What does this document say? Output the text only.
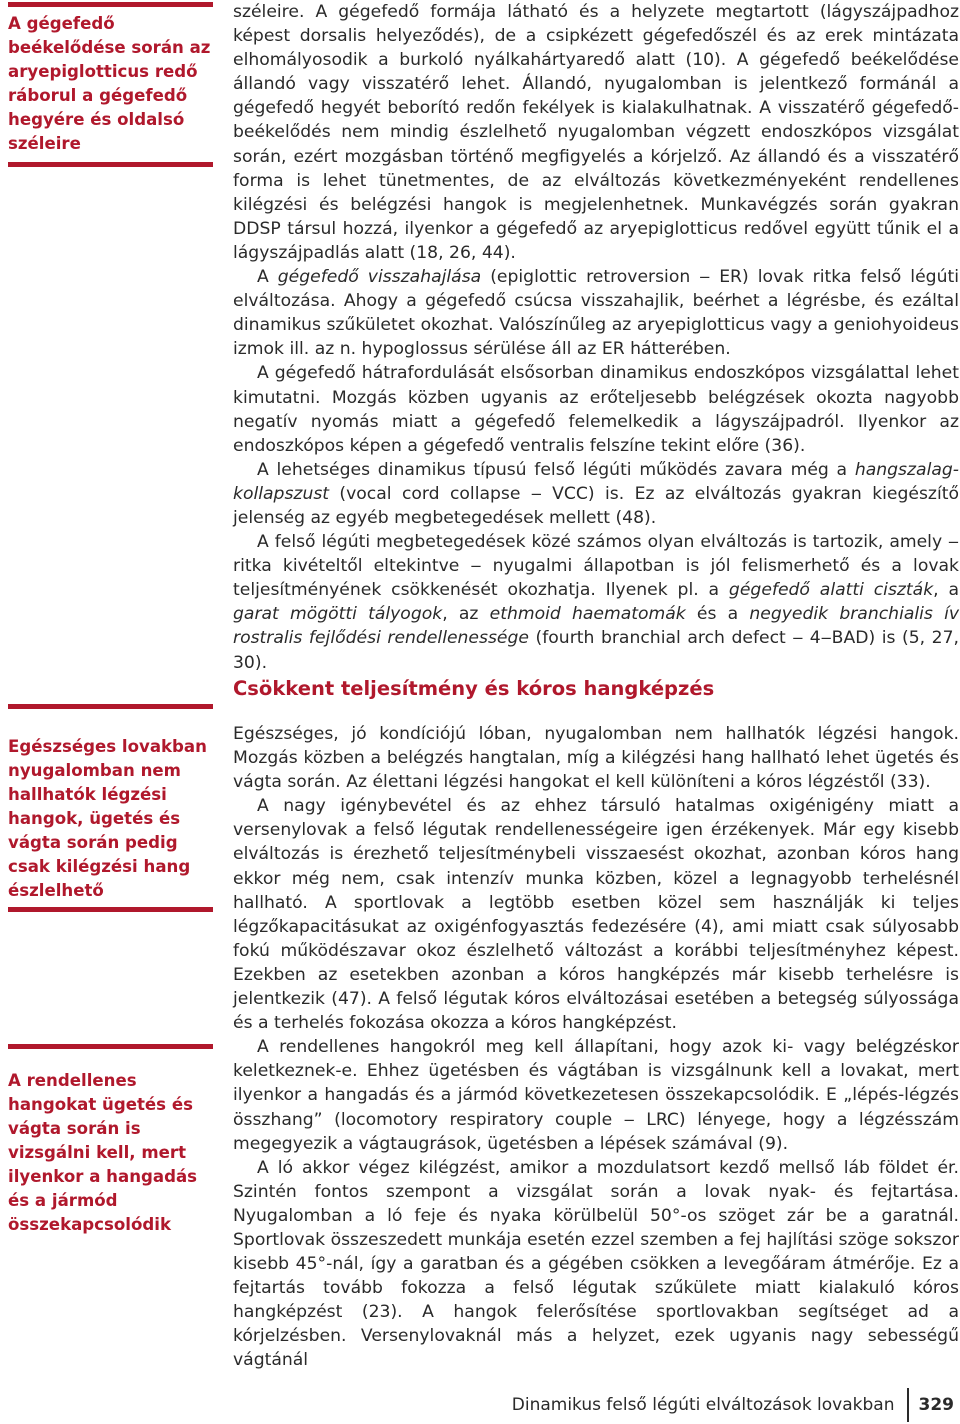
A gégefedő beékelődése során az aryepiglotticus redő ráborul a gégefedő hegyére és oldalsó széleire

Egészséges lovakban nyugalomban nem hallhatók légzési hangok, ügetés és vágta során pedig csak kilégzési hang észlelhető

A rendellenes hangokat ügetés és vágta során is vizsgálni kell, mert ilyenkor a hangadás és a jármód összekapcsolódik

széleire. A gégefedő formája látható és a helyzete megtartott (lágyszájpadhoz képest dorsalis helyeződés), de a csipkézett gégefedőszél és az erek mintázata elhomályosodik a burkoló nyálkahártyaredő alatt (10). A gégefedő beékelődése állandó vagy visszatérő lehet. Állandó, nyugalomban is jelentkező formánál a gégefedő hegyét beborító redőn fekélyek is kialakulhatnak. A visszatérő gégefedő-beékelődés nem mindig észlelhető nyugalomban végzett endoszkópos vizsgálat során, ezért mozgásban történő megfigyelés a kórjelző. Az állandó és a visszatérő forma is lehet tünetmentes, de az elváltozás következményeként rendellenes kilégzési és belégzési hangok is megjelenhetnek. Munkavégzés során gyakran DDSP társul hozzá, ilyenkor a gégefedő az aryepiglotticus redővel együtt tűnik el a lágyszájpadlás alatt (18, 26, 44).

A gégefedő visszahajlása (epiglottic retroversion ‒ ER) lovak ritka felső légúti elváltozása. Ahogy a gégefedő csúcsa visszahajlik, beérhet a légrésbe, és ezáltal dinamikus szűkületet okozhat. Valószínűleg az aryepiglotticus vagy a geniohyoideus izmok ill. az n. hypoglossus sérülése áll az ER hátterében.

A gégefedő hátrafordulását elsősorban dinamikus endoszkópos vizsgálattal lehet kimutatni. Mozgás közben ugyanis az erőteljesebb belégzések okozta nagyobb negatív nyomás miatt a gégefedő felemelkedik a lágyszájpadról. Ilyenkor az endoszkópos képen a gégefedő ventralis felszíne tekint előre (36).

A lehetséges dinamikus típusú felső légúti működés zavara még a hangszalag-kollapszust (vocal cord collapse ‒ VCC) is. Ez az elváltozás gyakran kiegészítő jelenség az egyéb megbetegedések mellett (48).

A felső légúti megbetegedések közé számos olyan elváltozás is tartozik, amely ‒ ritka kivételtől eltekintve ‒ nyugalmi állapotban is jól felismerhető és a lovak teljesítményének csökkenését okozhatja. Ilyenek pl. a gégefedő alatti ciszták, a garat mögötti tályogok, az ethmoid haematomák és a negyedik branchialis ív rostralis fejlődési rendellenessége (fourth branchial arch defect ‒ 4‒BAD) is (5, 27, 30).

Csökkent teljesítmény és kóros hangképzés

Egészséges, jó kondíciójú lóban, nyugalomban nem hallhatók légzési hangok. Mozgás közben a belégzés hangtalan, míg a kilégzési hang hallható lehet ügetés és vágta során. Az élettani légzési hangokat el kell különíteni a kóros légzéstől (33).

A nagy igénybevétel és az ehhez társuló hatalmas oxigénigény miatt a versenylovak a felső légutak rendellenességeire igen érzékenyek. Már egy kisebb elváltozás is érezhető teljesítménybeli visszaesést okozhat, azonban kóros hang ekkor még nem, csak intenzív munka közben, közel a legnagyobb terhelésnél hallható. A sportlovak a legtöbb esetben közel sem használják ki teljes légzőkapacitásukat az oxigénfogyasztás fedezésére (4), ami miatt csak súlyosabb fokú működészavar okoz észlelhető változást a korábbi teljesítményhez képest. Ezekben az esetekben azonban a kóros hangképzés már kisebb terhelésre is jelentkezik (47). A felső légutak kóros elváltozásai esetében a betegség súlyossága és a terhelés fokozása okozza a kóros hangképzést.

A rendellenes hangokról meg kell állapítani, hogy azok ki- vagy belégzéskor keletkeznek-e. Ehhez ügetésben és vágtában is vizsgálnunk kell a lovakat, mert ilyenkor a hangadás és a jármód következetesen összekapcsolódik. E „lépés-légzés összhang” (locomotory respiratory couple ‒ LRC) lényege, hogy a légzésszám megegyezik a vágtaugrások, ügetésben a lépések számával (9).

A ló akkor végez kilégzést, amikor a mozdulatsort kezdő mellső láb földet ér. Szintén fontos szempont a vizsgálat során a lovak nyak- és fejtartása. Nyugalomban a ló feje és nyaka körülbelül 50°-os szöget zár be a garatnál. Sportlovak összeszedett munkája esetén ezzel szemben a fej hajlítási szöge sokszor kisebb 45°-nál, így a garatban és a gégében csökken a levegőáram átmérője. Ez a fejtartás tovább fokozza a felső légutak szűkülete miatt kialakuló kóros hangképzést (23). A hangok felerősítése sportlovakban segítséget ad a kórjelzésben. Versenylovaknál más a helyzet, ezek ugyanis nagy sebességű vágtánál

Dinamikus felső légúti elváltozások lovakban 329
